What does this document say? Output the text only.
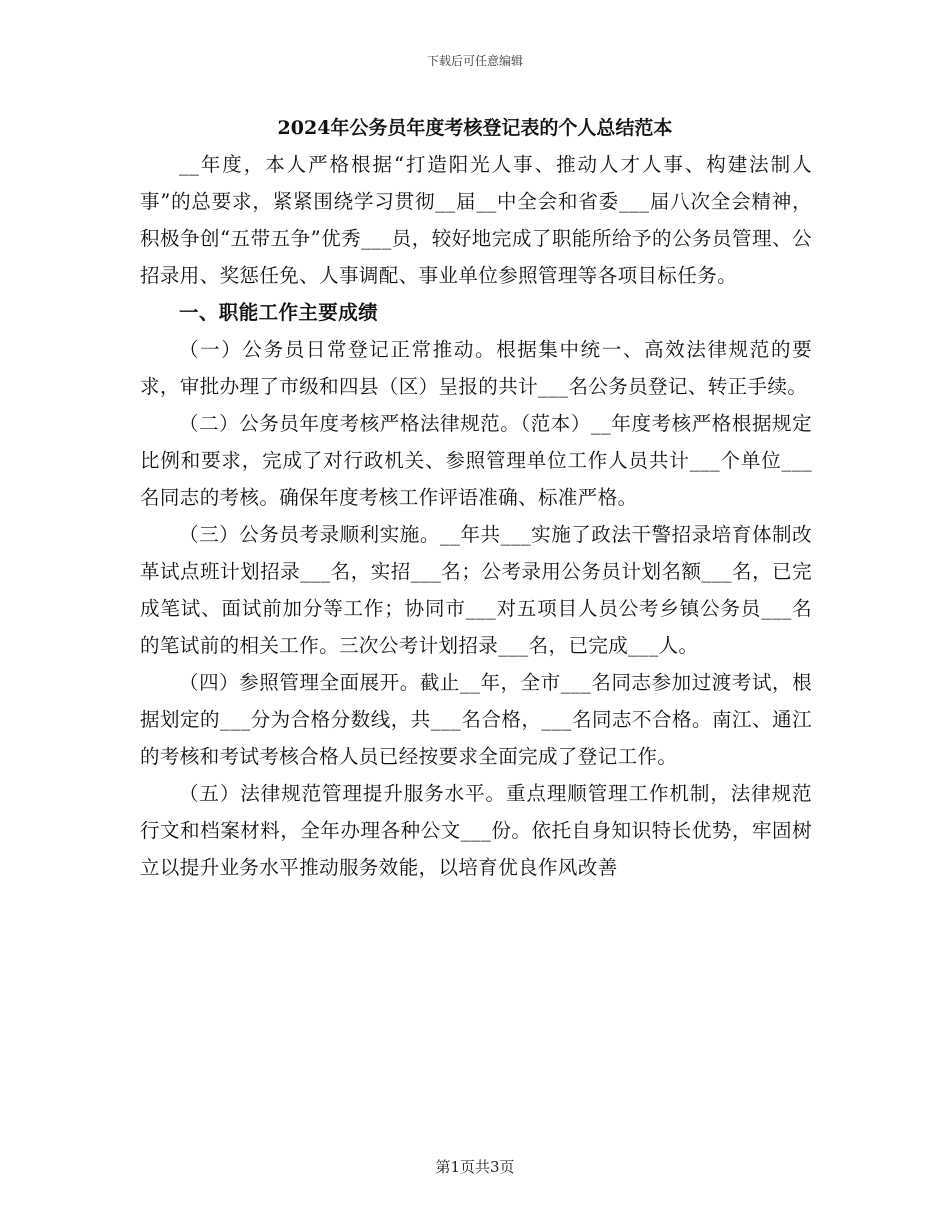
下载后可任意编辑
2024年公务员年度考核登记表的个人总结范本

__年度，本人严格根据“打造阳光人事、推动人才人事、构建法制人事”的总要求，紧紧围绕学习贯彻__届__中全会和省委___届八次全会精神，积极争创“五带五争”优秀___员，较好地完成了职能所给予的公务员管理、公招录用、奖惩任免、人事调配、事业单位参照管理等各项目标任务。

一、职能工作主要成绩

（一）公务员日常登记正常推动。根据集中统一、高效法律规范的要求，审批办理了市级和四县（区）呈报的共计___名公务员登记、转正手续。

（二）公务员年度考核严格法律规范。（范本）__年度考核严格根据规定比例和要求，完成了对行政机关、参照管理单位工作人员共计___个单位___名同志的考核。确保年度考核工作评语准确、标准严格。

（三）公务员考录顺利实施。__年共___实施了政法干警招录培育体制改革试点班计划招录___名，实招___名；公考录用公务员计划名额___名，已完成笔试、面试前加分等工作；协同市___对五项目人员公考乡镇公务员___名的笔试前的相关工作。三次公考计划招录___名，已完成___人。

（四）参照管理全面展开。截止__年，全市___名同志参加过渡考试，根据划定的___分为合格分数线，共___名合格，___名同志不合格。南江、通江的考核和考试考核合格人员已经按要求全面完成了登记工作。

（五）法律规范管理提升服务水平。重点理顺管理工作机制，法律规范行文和档案材料，全年办理各种公文___份。依托自身知识特长优势，牢固树立以提升业务水平推动服务效能，以培育优良作风改善

第1页共3页
